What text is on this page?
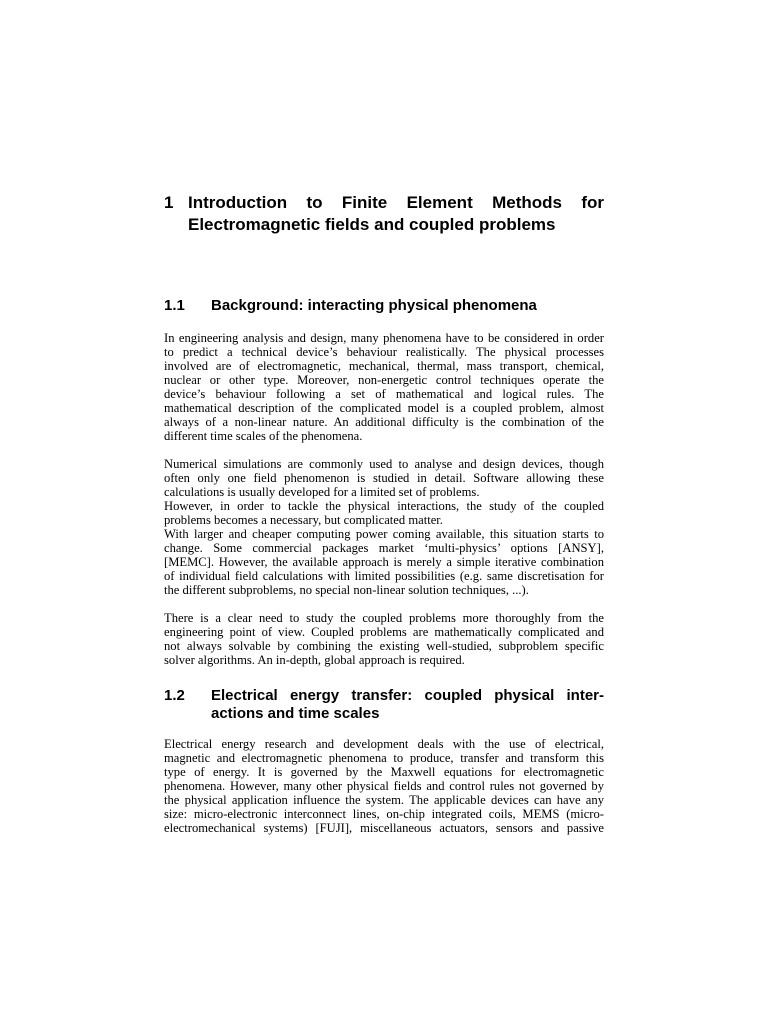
1 Introduction to Finite Element Methods for Electromagnetic fields and coupled problems
1.1	Background: interacting physical phenomena
In engineering analysis and design, many phenomena have to be considered in order
to predict a technical device’s behaviour realistically. The physical processes
involved are of electromagnetic, mechanical, thermal, mass transport, chemical,
nuclear or other type. Moreover, non-energetic control techniques operate the
device’s behaviour following a set of mathematical and logical rules. The
mathematical description of the complicated model is a coupled problem, almost
always of a non-linear nature. An additional difficulty is the combination of the
different time scales of the phenomena.
Numerical simulations are commonly used to analyse and design devices, though
often only one field phenomenon is studied in detail. Software allowing these
calculations is usually developed for a limited set of problems.
However, in order to tackle the physical interactions, the study of the coupled
problems becomes a necessary, but complicated matter.
With larger and cheaper computing power coming available, this situation starts to
change. Some commercial packages market ‘multi-physics’ options [ANSY],
[MEMC]. However, the available approach is merely a simple iterative combination
of individual field calculations with limited possibilities (e.g. same discretisation for
the different subproblems, no special non-linear solution techniques, ...).
There is a clear need to study the coupled problems more thoroughly from the
engineering point of view. Coupled problems are mathematically complicated and
not always solvable by combining the existing well-studied, subproblem specific
solver algorithms. An in-depth, global approach is required.
1.2	Electrical energy transfer: coupled physical inter-actions and time scales
Electrical energy research and development deals with the use of electrical,
magnetic and electromagnetic phenomena to produce, transfer and transform this
type of energy. It is governed by the Maxwell equations for electromagnetic
phenomena. However, many other physical fields and control rules not governed by
the physical application influence the system. The applicable devices can have any
size: micro-electronic interconnect lines, on-chip integrated coils, MEMS (micro-
electromechanical systems) [FUJI], miscellaneous actuators, sensors and passive
